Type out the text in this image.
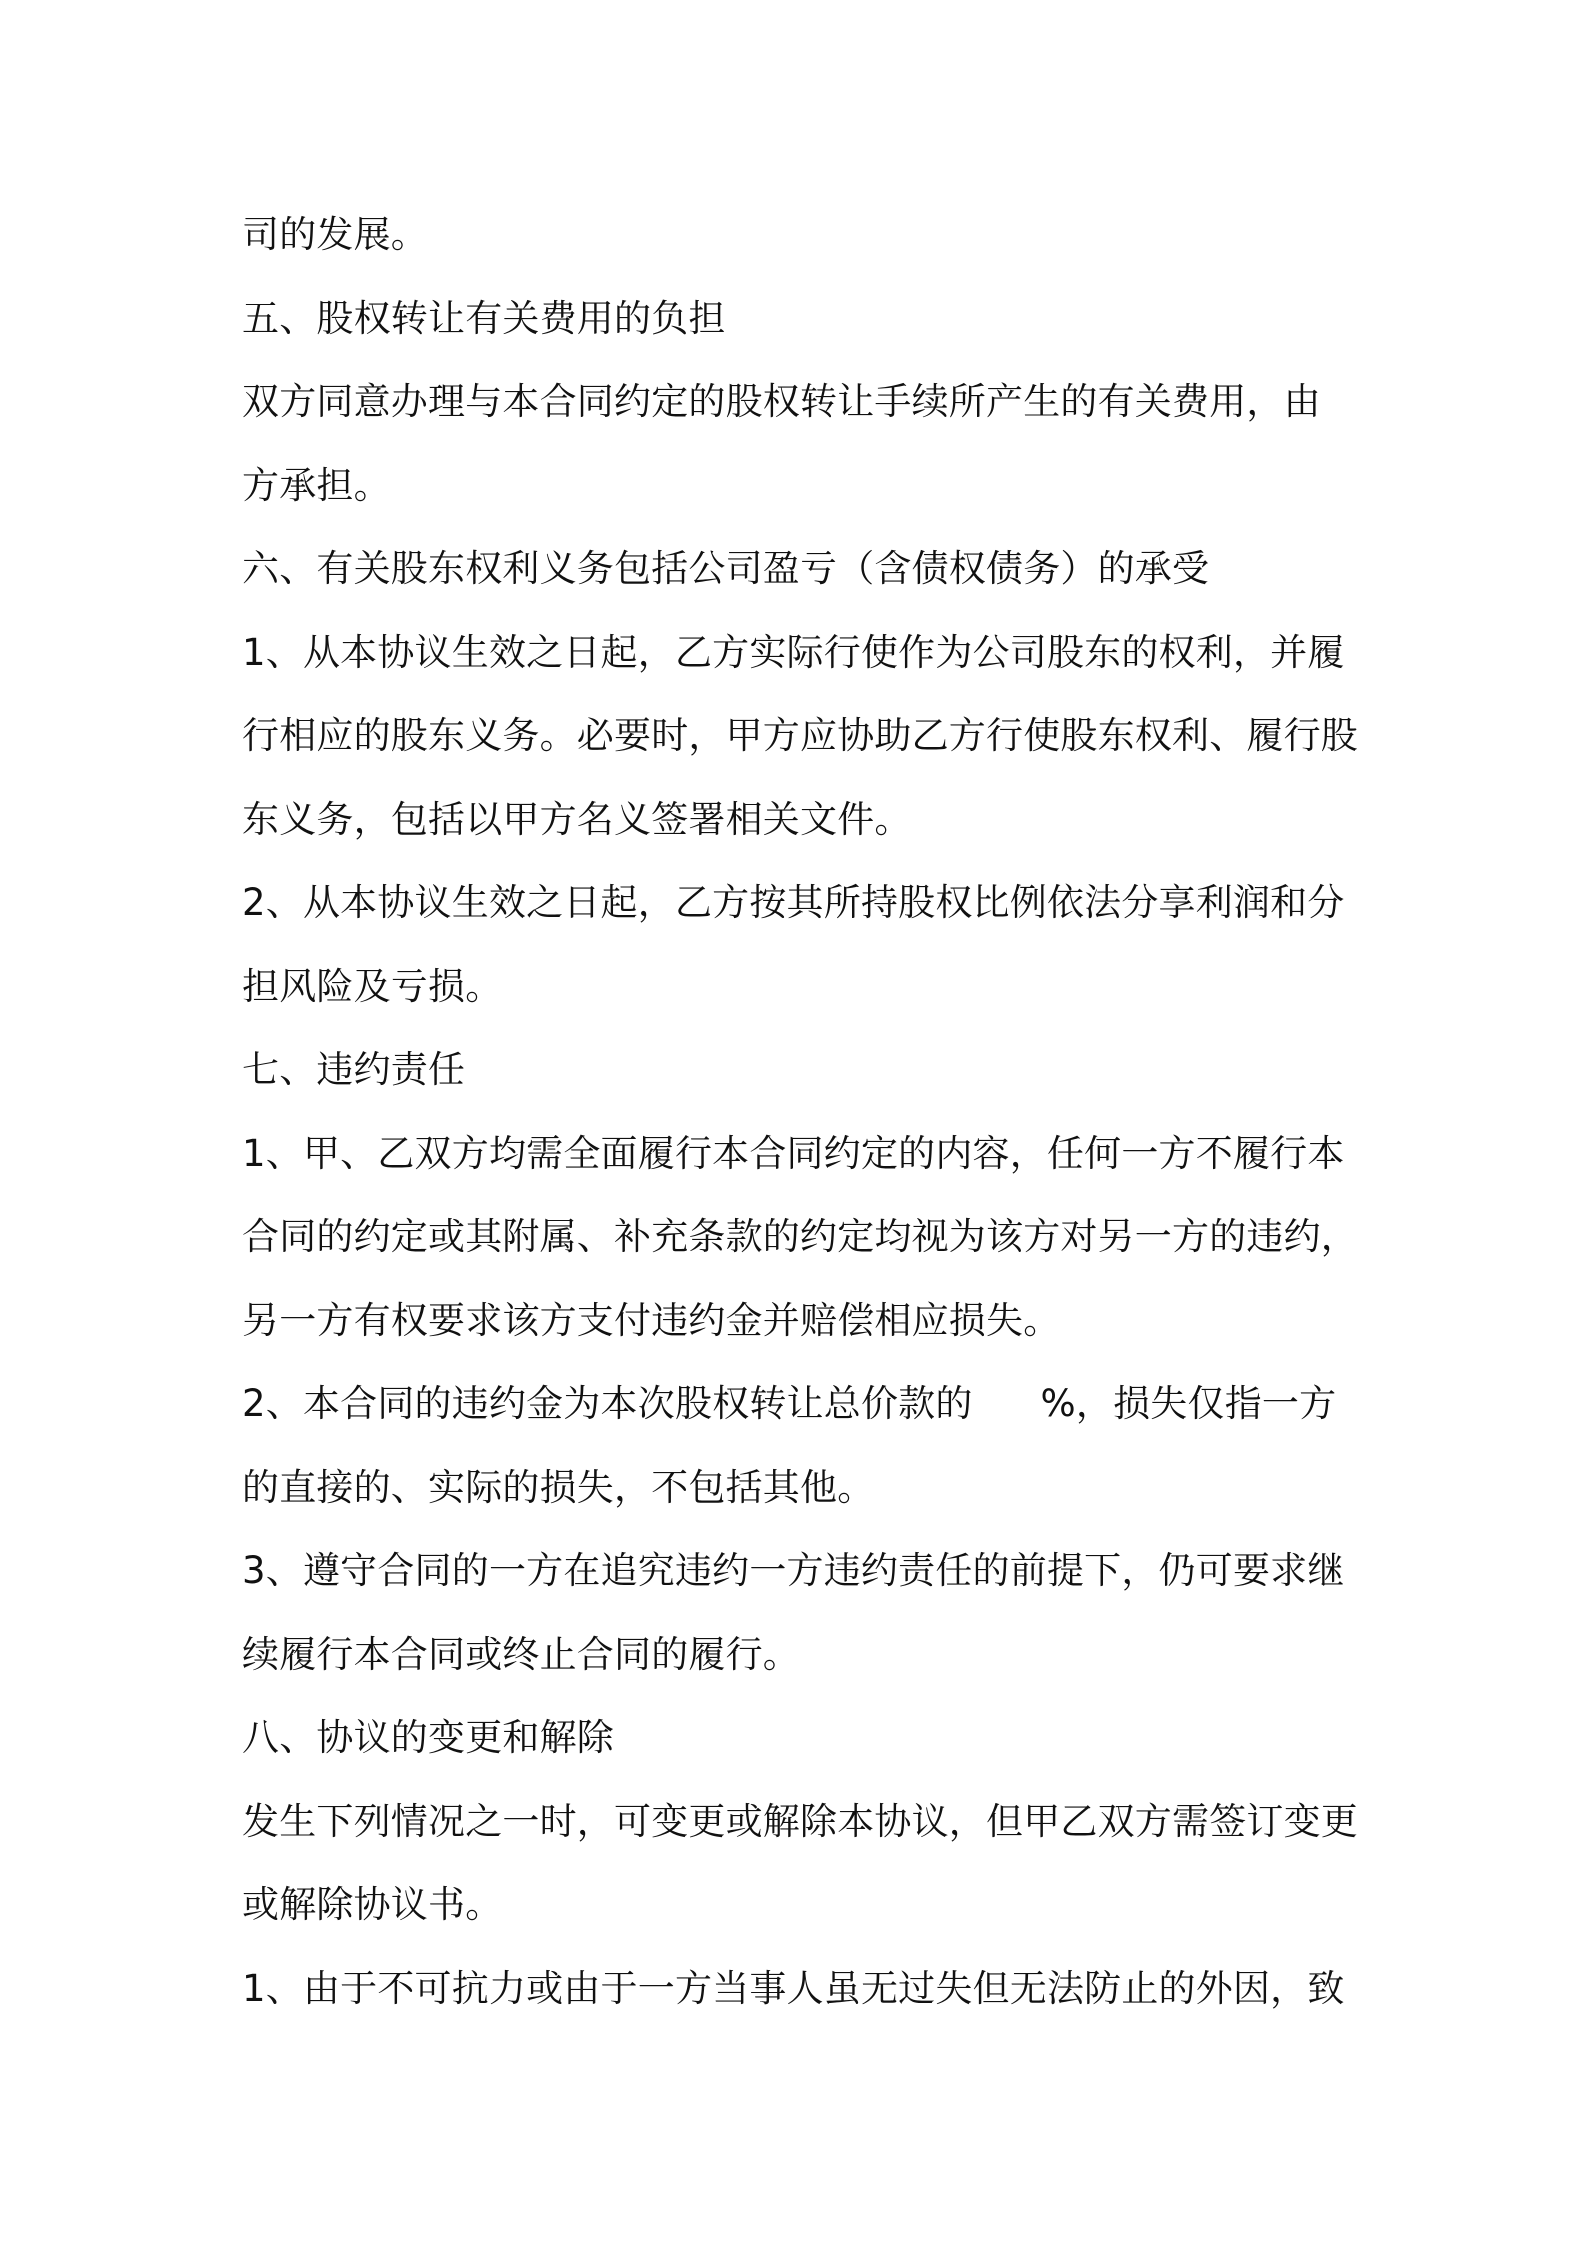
司的发展。
五、股权转让有关费用的负担
双方同意办理与本合同约定的股权转让手续所产生的有关费用，由
方承担。
六、有关股东权利义务包括公司盈亏（含债权债务）的承受
1、从本协议生效之日起，乙方实际行使作为公司股东的权利，并履
行相应的股东义务。必要时，甲方应协助乙方行使股东权利、履行股
东义务，包括以甲方名义签署相关文件。
2、从本协议生效之日起，乙方按其所持股权比例依法分享利润和分
担风险及亏损。
七、违约责任
1、甲、乙双方均需全面履行本合同约定的内容，任何一方不履行本
合同的约定或其附属、补充条款的约定均视为该方对另一方的违约，
另一方有权要求该方支付违约金并赔偿相应损失。
2、本合同的违约金为本次股权转让总价款的 %，损失仅指一方
的直接的、实际的损失，不包括其他。
3、遵守合同的一方在追究违约一方违约责任的前提下，仍可要求继
续履行本合同或终止合同的履行。
八、协议的变更和解除
发生下列情况之一时，可变更或解除本协议，但甲乙双方需签订变更
或解除协议书。
1、由于不可抗力或由于一方当事人虽无过失但无法防止的外因，致
